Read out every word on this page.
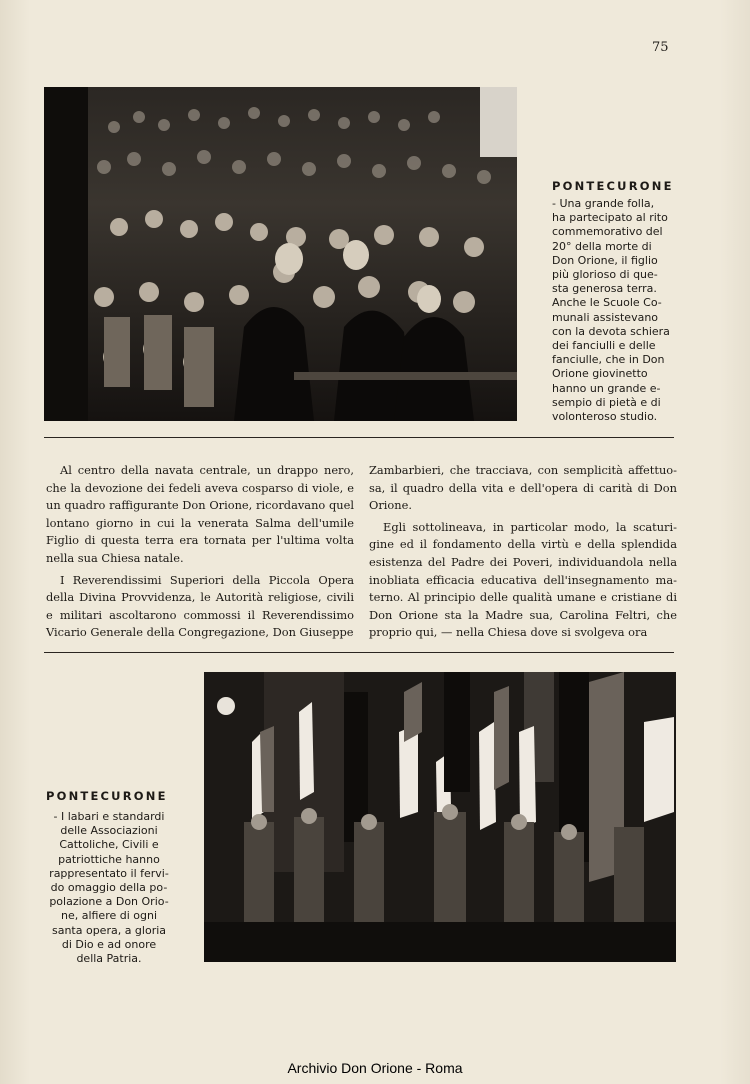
75
PONTECURONE
- Una grande folla,
ha partecipato al rito
commemorativo del
20° della morte di
Don Orione, il figlio
più glorioso di que-
sta generosa terra.
Anche le Scuole Co-
munali assistevano
con la devota schiera
dei fanciulli e delle
fanciulle, che in Don
Orione giovinetto
hanno un grande e-
sempio di pietà e di
volonteroso studio.

Al centro della navata centrale, un drappo nero, che la devozione dei fedeli aveva cosparso di viole, e un quadro raffigurante Don Orione, ricordavano quel lontano giorno in cui la venerata Salma dell'umile Figlio di questa terra era tornata per l'ultima volta nella sua Chiesa natale.

I Reverendissimi Superiori della Piccola Opera della Divina Provvidenza, le Autorità religiose, civili e militari ascoltarono commossi il Reverendissimo Vicario Generale della Congregazione, Don Giuseppe

Zambarbieri, che tracciava, con semplicità affettuosa, il quadro della vita e dell'opera di carità di Don Orione.

Egli sottolineava, in particolar modo, la scaturigine ed il fondamento della virtù e della splendida esistenza del Padre dei Poveri, individuandola nella inobliata efficacia educativa dell'insegnamento materno. Al principio delle qualità umane e cristiane di Don Orione sta la Madre sua, Carolina Feltri, che proprio qui, — nella Chiesa dove si svolgeva ora

PONTECURONE
- I labari e standardi
delle Associazioni
Cattoliche, Civili e
patriottiche hanno
rappresentato il fervi-
do omaggio della po-
polazione a Don Orio-
ne, alfiere di ogni
santa opera, a gloria
di Dio e ad onore
della Patria.
Archivio Don Orione - Roma
